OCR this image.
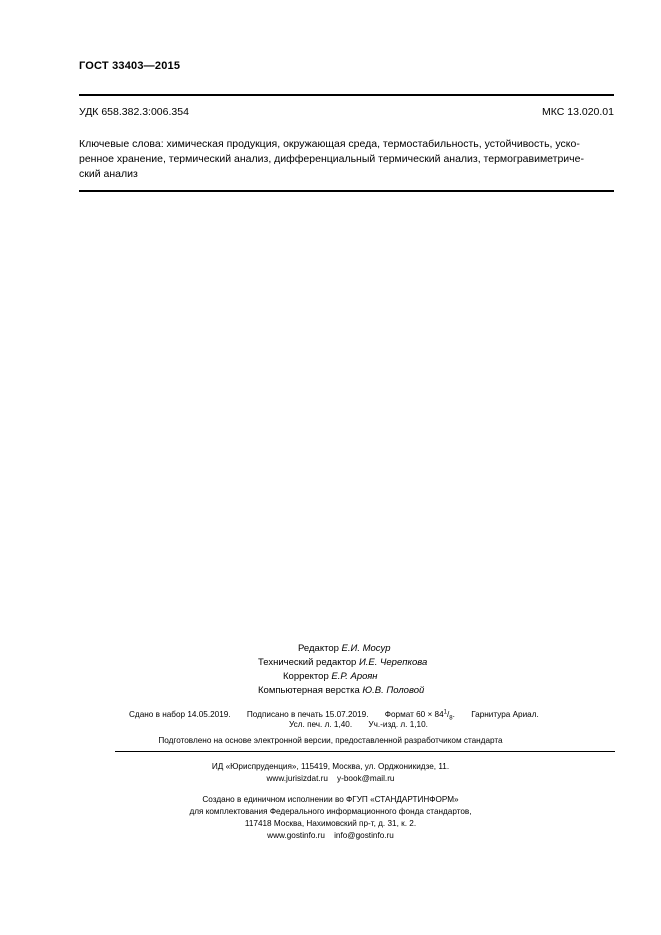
ГОСТ 33403—2015
УДК 658.382.3:006.354	МКС 13.020.01
Ключевые слова: химическая продукция, окружающая среда, термостабильность, устойчивость, уско-
ренное хранение, термический анализ, дифференциальный термический анализ, термогравиметриче-
ский анализ
Редактор Е.И. Мосур
Технический редактор И.Е. Черепкова
Корректор Е.Р. Ароян
Компьютерная верстка Ю.В. Половой
Сдано в набор 14.05.2019. Подписано в печать 15.07.2019. Формат $60 \times 84^1/_8$. Гарнитура Ариал.
Усл. печ. л. 1,40. Уч.-изд. л. 1,10.
Подготовлено на основе электронной версии, предоставленной разработчиком стандарта
ИД «Юриспруденция», 115419, Москва, ул. Орджоникидзе, 11.
www.jurisizdat.ru y-book@mail.ru
Создано в единичном исполнении во ФГУП «СТАНДАРТИНФОРМ»
для комплектования Федерального информационного фонда стандартов,
117418 Москва, Нахимовский пр-т, д. 31, к. 2.
www.gostinfo.ru info@gostinfo.ru
